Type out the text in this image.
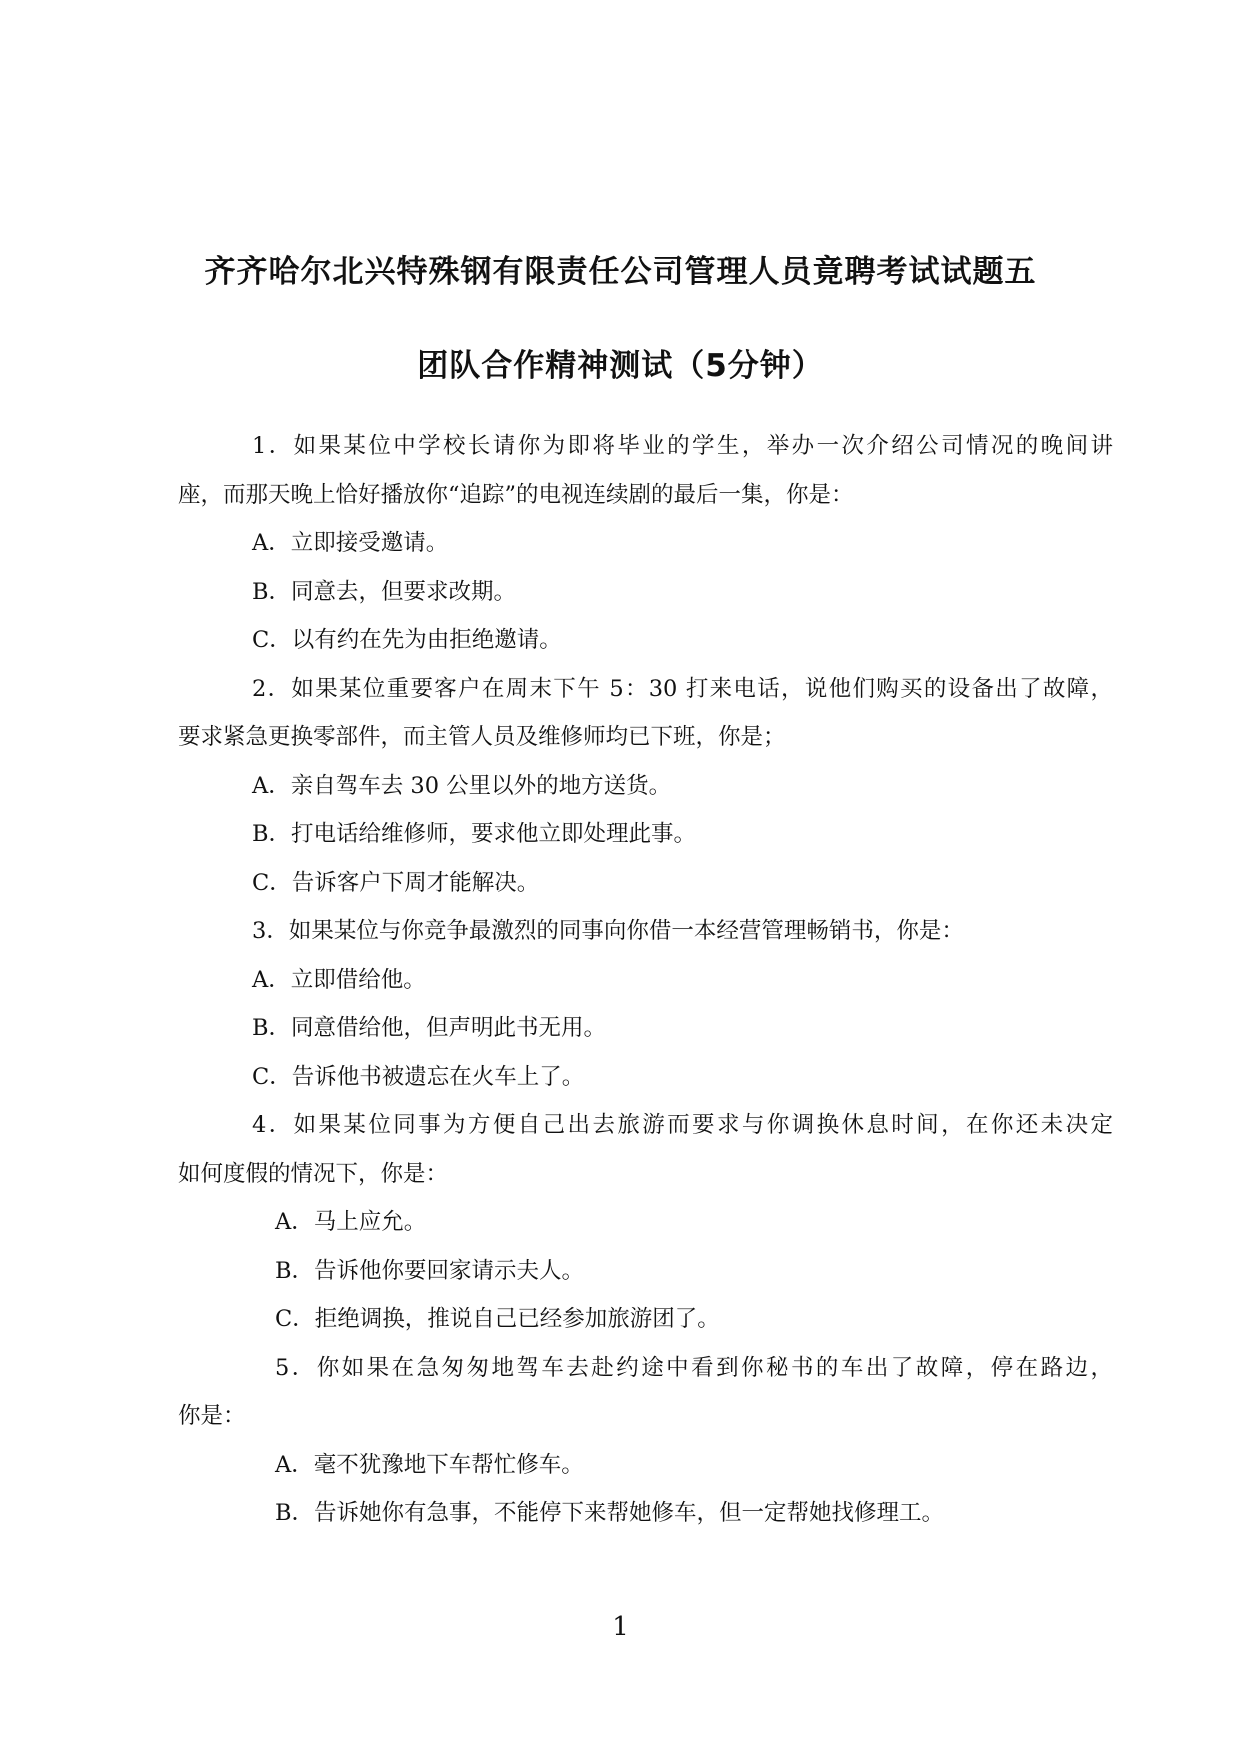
齐齐哈尔北兴特殊钢有限责任公司管理人员竟聘考试试题五
团队合作精神测试（5分钟）
1．如果某位中学校长请你为即将毕业的学生，举办一次介绍公司情况的晚间讲
座，而那天晚上恰好播放你“追踪”的电视连续剧的最后一集，你是：
A．立即接受邀请。
B．同意去，但要求改期。
C．以有约在先为由拒绝邀请。
2．如果某位重要客户在周末下午 5：30 打来电话，说他们购买的设备出了故障，
要求紧急更换零部件，而主管人员及维修师均已下班，你是；
A．亲自驾车去 30 公里以外的地方送货。
B．打电话给维修师，要求他立即处理此事。
C．告诉客户下周才能解决。
3．如果某位与你竞争最激烈的同事向你借一本经营管理畅销书，你是：
A．立即借给他。
B．同意借给他，但声明此书无用。
C．告诉他书被遗忘在火车上了。
4．如果某位同事为方便自己出去旅游而要求与你调换休息时间，在你还未决定
如何度假的情况下，你是：
A．马上应允。
B．告诉他你要回家请示夫人。
C．拒绝调换，推说自己已经参加旅游团了。
5．你如果在急匆匆地驾车去赴约途中看到你秘书的车出了故障，停在路边，
你是：
A．毫不犹豫地下车帮忙修车。
B．告诉她你有急事，不能停下来帮她修车，但一定帮她找修理工。
1
